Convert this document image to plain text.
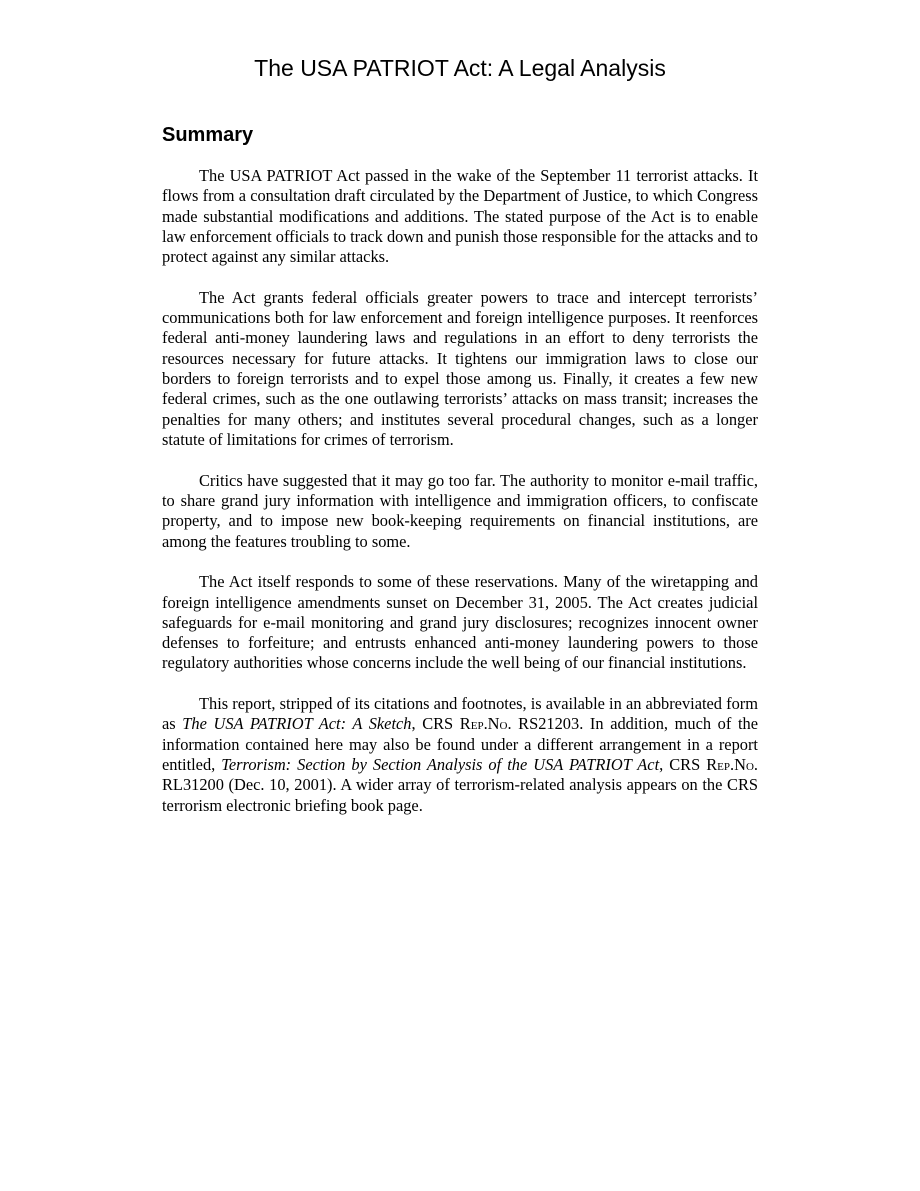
The USA PATRIOT Act: A Legal Analysis
Summary

The USA PATRIOT Act passed in the wake of the September 11 terrorist attacks. It flows from a consultation draft circulated by the Department of Justice, to which Congress made substantial modifications and additions. The stated purpose of the Act is to enable law enforcement officials to track down and punish those responsible for the attacks and to protect against any similar attacks.

The Act grants federal officials greater powers to trace and intercept terrorists’ communications both for law enforcement and foreign intelligence purposes. It reenforces federal anti-money laundering laws and regulations in an effort to deny terrorists the resources necessary for future attacks. It tightens our immigration laws to close our borders to foreign terrorists and to expel those among us. Finally, it creates a few new federal crimes, such as the one outlawing terrorists’ attacks on mass transit; increases the penalties for many others; and institutes several procedural changes, such as a longer statute of limitations for crimes of terrorism.

Critics have suggested that it may go too far. The authority to monitor e-mail traffic, to share grand jury information with intelligence and immigration officers, to confiscate property, and to impose new book-keeping requirements on financial institutions, are among the features troubling to some.

The Act itself responds to some of these reservations. Many of the wiretapping and foreign intelligence amendments sunset on December 31, 2005. The Act creates judicial safeguards for e-mail monitoring and grand jury disclosures; recognizes innocent owner defenses to forfeiture; and entrusts enhanced anti-money laundering powers to those regulatory authorities whose concerns include the well being of our financial institutions.

This report, stripped of its citations and footnotes, is available in an abbreviated form as The USA PATRIOT Act: A Sketch, CRS Rep.No. RS21203. In addition, much of the information contained here may also be found under a different arrangement in a report entitled, Terrorism: Section by Section Analysis of the USA PATRIOT Act, CRS Rep.No. RL31200 (Dec. 10, 2001). A wider array of terrorism-related analysis appears on the CRS terrorism electronic briefing book page.
